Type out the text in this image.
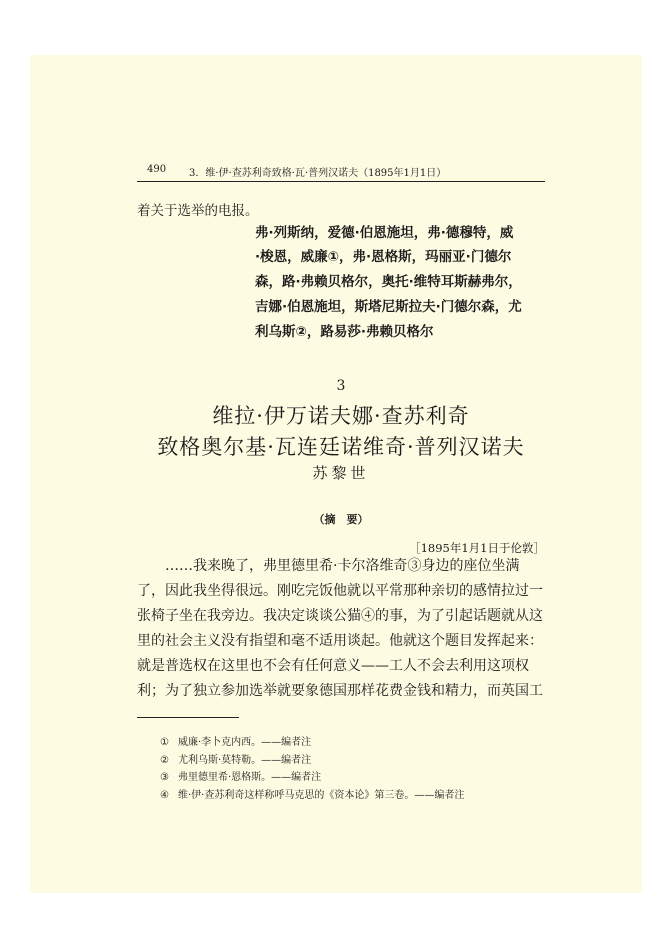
490 3．维·伊·查苏利奇致格·瓦·普列汉诺夫（1895年1月1日）
着关于选举的电报。
弗·列斯纳，爱德·伯恩施坦，弗·德穆特，威
·梭恩，威廉①，弗·恩格斯，玛丽亚·门德尔
森，路·弗赖贝格尔，奥托·维特耳斯赫弗尔，
吉娜·伯恩施坦，斯塔尼斯拉夫·门德尔森，尤
利乌斯②，路易莎·弗赖贝格尔
3
维拉·伊万诺夫娜·查苏利奇
致格奥尔基·瓦连廷诺维奇·普列汉诺夫
苏黎世
（摘　要）
［1895年1月1日于伦敦］
　　……我来晚了，弗里德里希·卡尔洛维奇③身边的座位坐满
了，因此我坐得很远。刚吃完饭他就以平常那种亲切的感情拉过一
张椅子坐在我旁边。我决定谈谈公猫④的事，为了引起话题就从这
里的社会主义没有指望和毫不适用谈起。他就这个题目发挥起来：
就是普选权在这里也不会有任何意义——工人不会去利用这项权
利；为了独立参加选举就要象德国那样花费金钱和精力，而英国工
① 威廉·李卜克内西。——编者注
② 尤利乌斯·莫特勒。——编者注
③ 弗里德里希·恩格斯。——编者注
④ 维·伊·查苏利奇这样称呼马克思的《资本论》第三卷。——编者注
